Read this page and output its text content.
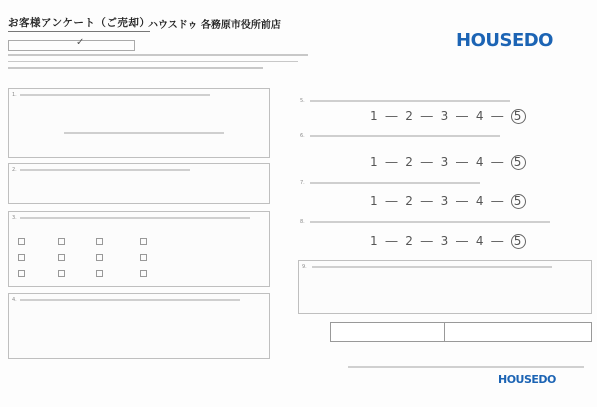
お客様アンケート（ご売却）
ハウスドゥ 各務原市役所前店
HOUSEDO
✓
1.
2.
3.
4.
5.
1 ― 2 ― 3 ― 4 ― 5
6.
1 ― 2 ― 3 ― 4 ― 5
7.
1 ― 2 ― 3 ― 4 ― 5
8.
1 ― 2 ― 3 ― 4 ― 5
9.
HOUSEDO
